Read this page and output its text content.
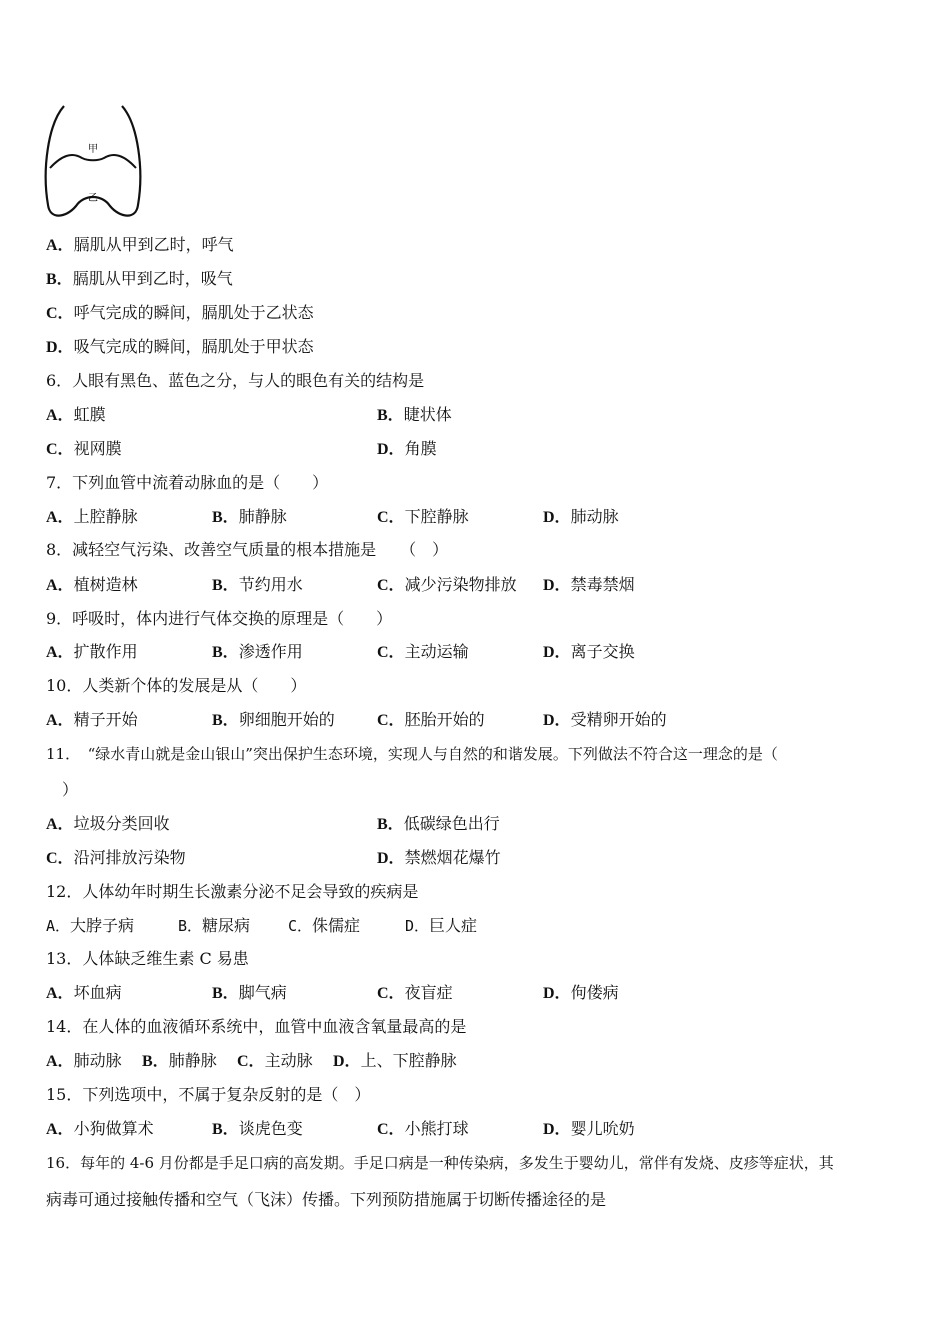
甲
乙
A．膈肌从甲到乙时，呼气
B．膈肌从甲到乙时，吸气
C．呼气完成的瞬间，膈肌处于乙状态
D．吸气完成的瞬间，膈肌处于甲状态
6．人眼有黑色、蓝色之分，与人的眼色有关的结构是
A．虹膜	B．睫状体
C．视网膜	D．角膜
7．下列血管中流着动脉血的是（　　）
A．上腔静脉	B．肺静脉	C．下腔静脉	D．肺动脉
8．减轻空气污染、改善空气质量的根本措施是　　（　）
A．植树造林	B．节约用水	C．减少污染物排放 D．禁毒禁烟
9．呼吸时，体内进行气体交换的原理是（　　）
A．扩散作用	B．渗透作用	C．主动运输	D．离子交换
10．人类新个体的发展是从（　　）
A．精子开始	B．卵细胞开始的	C．胚胎开始的	D．受精卵开始的
11．　“绿水青山就是金山银山”突出保护生态环境，实现人与自然的和谐发展。下列做法不符合这一理念的是（
）
A．垃圾分类回收	B．低碳绿色出行
C．沿河排放污染物	D．禁燃烟花爆竹
12．人体幼年时期生长激素分泌不足会导致的疾病是
A．大脖子病	B．糖尿病	C．侏儒症	D．巨人症
13．人体缺乏维生素 C 易患
A．坏血病	B．脚气病	C．夜盲症	D．佝偻病
14．在人体的血液循环系统中，血管中血液含氧量最高的是
A．肺动脉 B．肺静脉 C．主动脉 D．上、下腔静脉
15．下列选项中，不属于复杂反射的是（　）
A．小狗做算术	B．谈虎色变	C．小熊打球	D．婴儿吮奶
16．每年的 4-6 月份都是手足口病的高发期。手足口病是一种传染病，多发生于婴幼儿，常伴有发烧、皮疹等症状，其
病毒可通过接触传播和空气（飞沫）传播。下列预防措施属于切断传播途径的是
